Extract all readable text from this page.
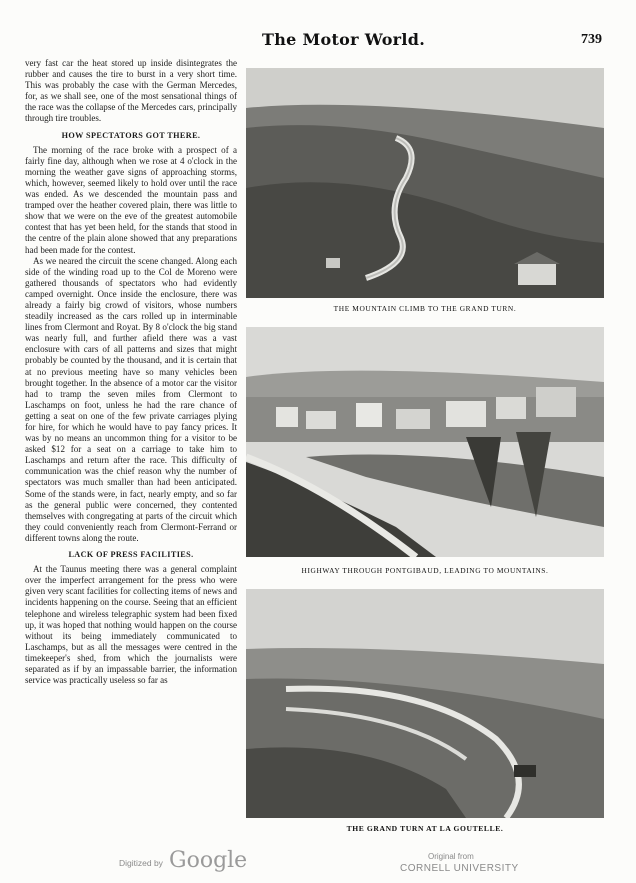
The Motor World.	739

very fast car the heat stored up inside disintegrates the rubber and causes the tire to burst in a very short time. This was probably the case with the German Mercedes, for, as we shall see, one of the most sensational things of the race was the collapse of the Mercedes cars, principally through tire troubles.

HOW SPECTATORS GOT THERE.

The morning of the race broke with a prospect of a fairly fine day, although when we rose at 4 o'clock in the morning the weather gave signs of approaching storms, which, however, seemed likely to hold over until the race was ended. As we descended the mountain pass and tramped over the heather covered plain, there was little to show that we were on the eve of the greatest automobile contest that has yet been held, for the stands that stood in the centre of the plain alone showed that any preparations had been made for the contest.

As we neared the circuit the scene changed. Along each side of the winding road up to the Col de Moreno were gathered thousands of spectators who had evidently camped overnight. Once inside the enclosure, there was already a fairly big crowd of visitors, whose numbers steadily increased as the cars rolled up in interminable lines from Clermont and Royat. By 8 o'clock the big stand was nearly full, and further afield there was a vast enclosure with cars of all patterns and sizes that might probably be counted by the thousand, and it is certain that at no previous meeting have so many vehicles been brought together. In the absence of a motor car the visitor had to tramp the seven miles from Clermont to Laschamps on foot, unless he had the rare chance of getting a seat on one of the few private carriages plying for hire, for which he would have to pay fancy prices. It was by no means an uncommon thing for a visitor to be asked $12 for a seat on a carriage to take him to Laschamps and return after the race. This difficulty of communication was the chief reason why the number of spectators was much smaller than had been anticipated. Some of the stands were, in fact, nearly empty, and so far as the general public were concerned, they contented themselves with congregating at parts of the circuit which they could conveniently reach from Clermont-Ferrand or different towns along the route.

LACK OF PRESS FACILITIES.

At the Taunus meeting there was a general complaint over the imperfect arrangement for the press who were given very scant facilities for collecting items of news and incidents happening on the course. Seeing that an efficient telephone and wireless telegraphic system had been fixed up, it was hoped that nothing would happen on the course without its being immediately communicated to Laschamps, but as all the messages were centred in the timekeeper's shed, from which the journalists were separated as if by an impassable barrier, the information service was practically useless so far as

THE MOUNTAIN CLIMB TO THE GRAND TURN.
HIGHWAY THROUGH PONTGIBAUD, LEADING TO MOUNTAINS.
THE GRAND TURN AT LA GOUTELLE.
Digitized by Google	Original from
CORNELL UNIVERSITY
